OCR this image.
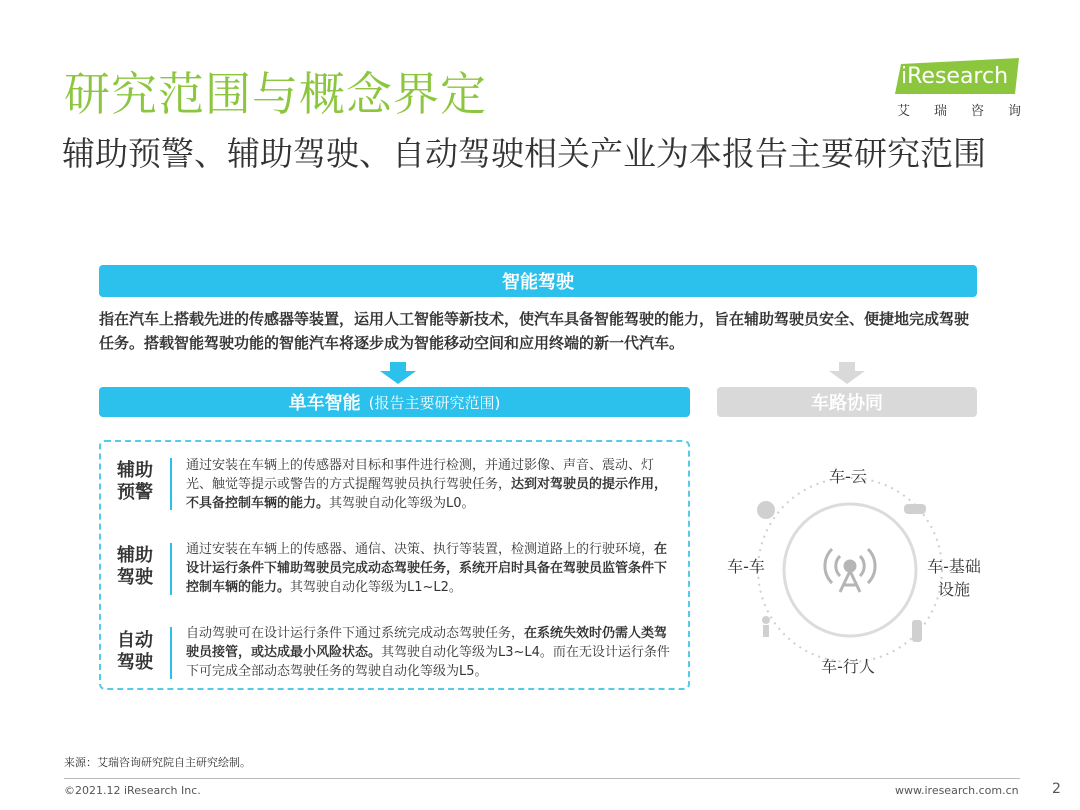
研究范围与概念界定
辅助预警、辅助驾驶、自动驾驶相关产业为本报告主要研究范围
iResearch
艾 瑞 咨 询
智能驾驶
指在汽车上搭载先进的传感器等装置，运用人工智能等新技术，使汽车具备智能驾驶的能力，旨在辅助驾驶员安全、便捷地完成驾驶任务。搭载智能驾驶功能的智能汽车将逐步成为智能移动空间和应用终端的新一代汽车。
单车智能 (报告主要研究范围)	车路协同
辅助
预警
通过安装在车辆上的传感器对目标和事件进行检测，并通过影像、声音、震动、灯光、触觉等提示或警告的方式提醒驾驶员执行驾驶任务，达到对驾驶员的提示作用，不具备控制车辆的能力。其驾驶自动化等级为L0。
辅助
驾驶
通过安装在车辆上的传感器、通信、决策、执行等装置，检测道路上的行驶环境，在设计运行条件下辅助驾驶员完成动态驾驶任务，系统开启时具备在驾驶员监管条件下控制车辆的能力。其驾驶自动化等级为L1~L2。
自动
驾驶
自动驾驶可在设计运行条件下通过系统完成动态驾驶任务，在系统失效时仍需人类驾驶员接管，或达成最小风险状态。其驾驶自动化等级为L3~L4。而在无设计运行条件下可完成全部动态驾驶任务的驾驶自动化等级为L5。
车-云
车-车	车-基础
设施
车-行人
来源：艾瑞咨询研究院自主研究绘制。
©2021.12 iResearch Inc.	www.iresearch.com.cn 2
